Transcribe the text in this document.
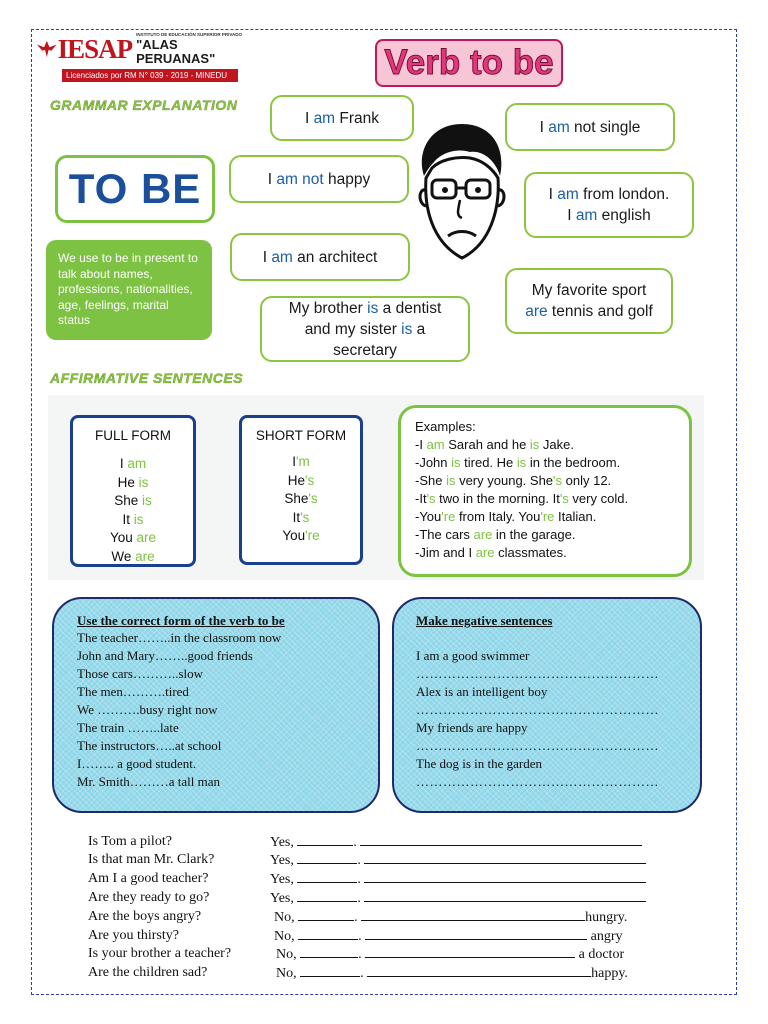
IESAP INSTITUTO DE EDUCACIÓN SUPERIOR PRIVADO
"ALAS PERUANAS"
Licenciados por RM N° 039 - 2019 - MINEDU	Verb to be
GRAMMAR EXPLANATION
TO BE
We use to be in present to talk about names, professions, nationalities, age, feelings, marital status
I am Frank
I am not happy
I am an architect
I am not single
I am from london.
I am english
My favorite sport
are tennis and golf
My brother is a dentist
and my sister is a
secretary
AFFIRMATIVE SENTENCES
FULL FORM
I am
He is
She is
It is
You are
We are
SHORT FORM
I'm
He's
She's
It's
You're
Examples:
-I am Sarah and he is Jake.
-John is tired. He is in the bedroom.
-She is very young. She's only 12.
-It's two in the morning. It's very cold.
-You're from Italy. You're Italian.
-The cars are in the garage.
-Jim and I are classmates.
Use the correct form of the verb to be
The teacher……..in the classroom now
John and Mary……..good friends
Those cars………..slow
The men……….tired
We ……….busy right now
The train ……..late
The instructors…..at school
I…….. a good student.
Mr. Smith………a tall man
Make negative sentences
I am a good swimmer
………………………………………………
Alex is an intelligent boy
………………………………………………
My friends are happy
………………………………………………
The dog is in the garden
………………………………………………
Is Tom a pilot?	Yes,	.
Is that man Mr. Clark?	Yes,	.
Am I a good teacher?	Yes,	.
Are they ready to go?	Yes,	.
Are the boys angry?	No,	.	hungry.
Are you thirsty?	No,	.	angry
Is your brother a teacher?	No,	.	a doctor
Are the children sad?	No,	.	happy.
